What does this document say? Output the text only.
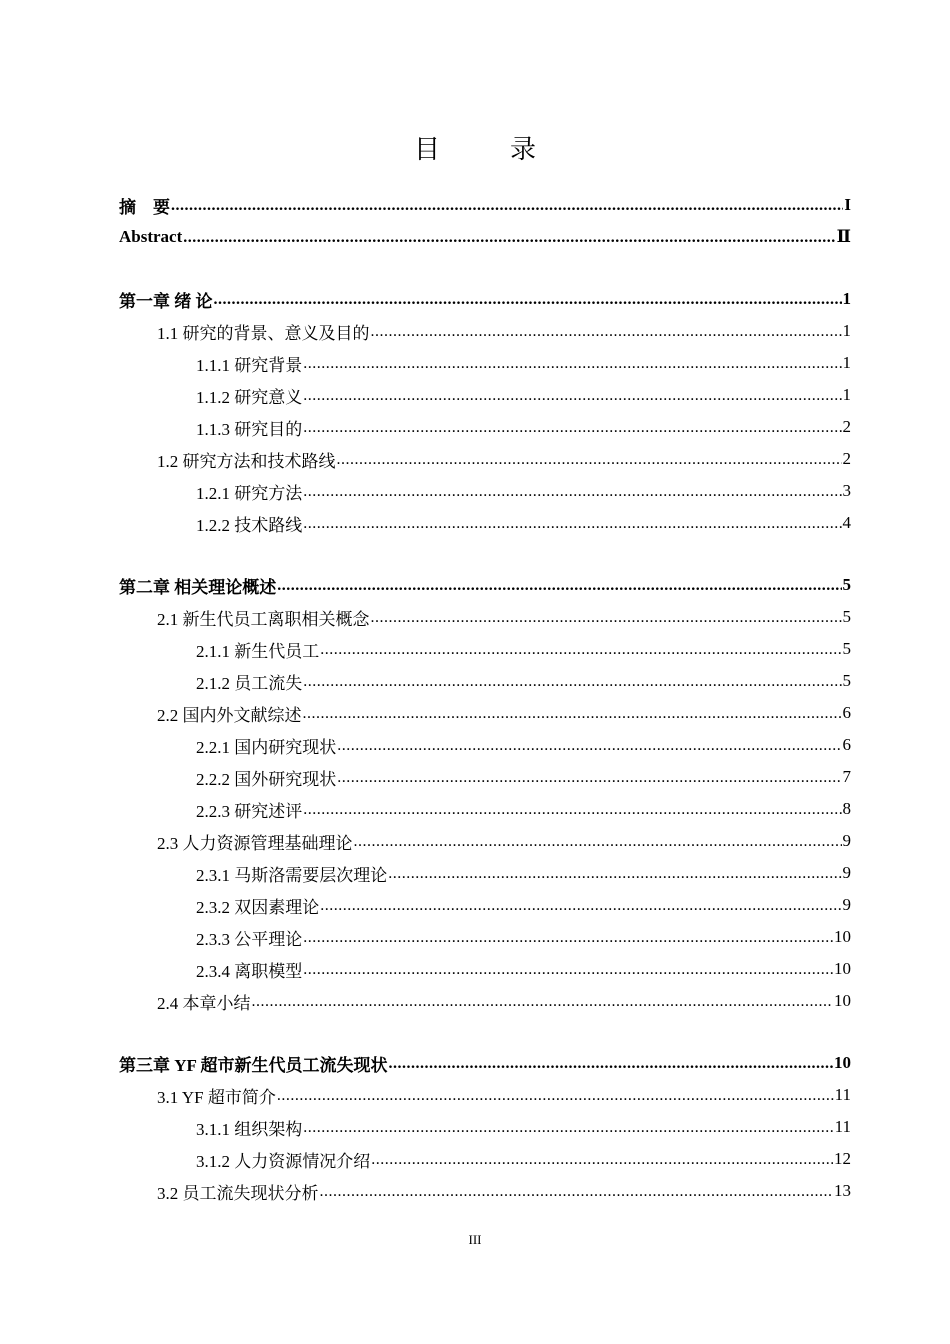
目　录
摘　要 .....	I
Abstract .....	Ⅱ
第一章 绪 论 .....	1
1.1 研究的背景、意义及目的 .....	1
1.1.1 研究背景 .....	1
1.1.2 研究意义 .....	1
1.1.3 研究目的 .....	2
1.2 研究方法和技术路线 .....	2
1.2.1 研究方法 .....	3
1.2.2 技术路线 .....	4
第二章 相关理论概述 .....	5
2.1 新生代员工离职相关概念 .....	5
2.1.1 新生代员工 .....	5
2.1.2 员工流失 .....	5
2.2 国内外文献综述 .....	6
2.2.1 国内研究现状 .....	6
2.2.2 国外研究现状 .....	7
2.2.3 研究述评 .....	8
2.3 人力资源管理基础理论 .....	9
2.3.1 马斯洛需要层次理论 .....	9
2.3.2 双因素理论 .....	9
2.3.3 公平理论 .....	10
2.3.4 离职模型 .....	10
2.4 本章小结 .....	10
第三章 YF 超市新生代员工流失现状 .....	10
3.1 YF 超市简介 .....	11
3.1.1 组织架构 .....	11
3.1.2 人力资源情况介绍 .....	12
3.2 员工流失现状分析 .....	13
III
